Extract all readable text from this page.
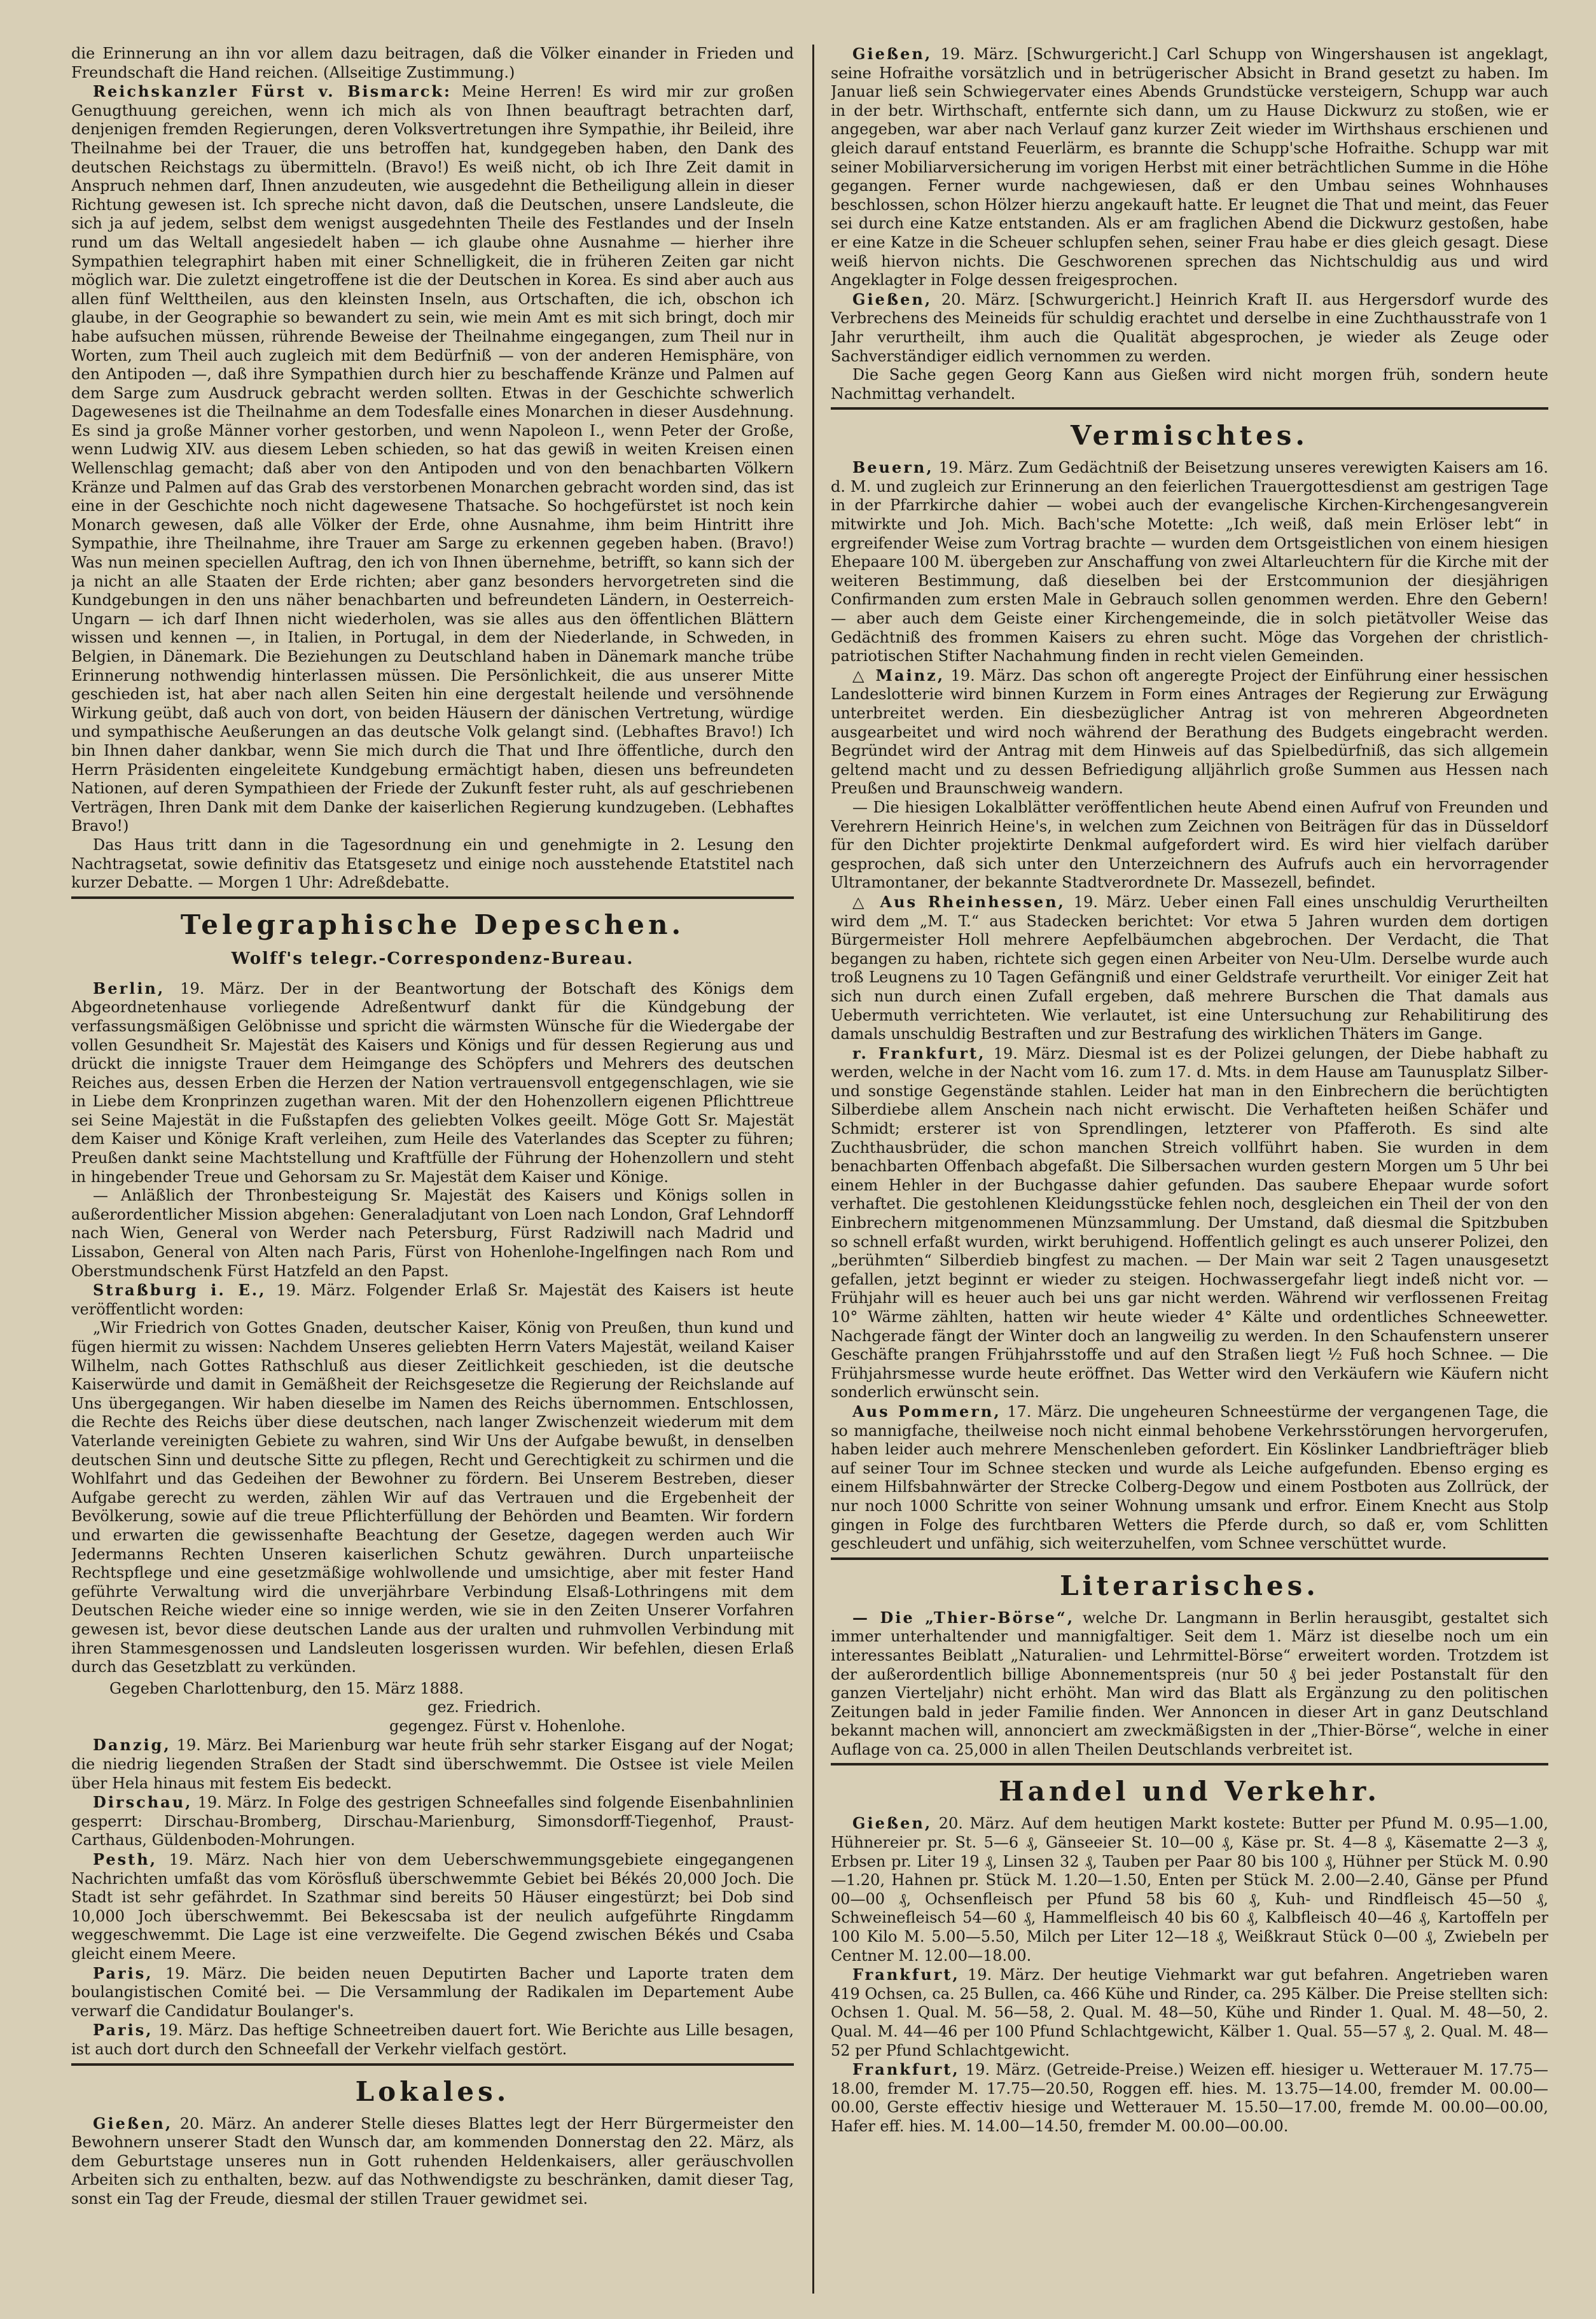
die Erinnerung an ihn vor allem dazu beitragen, daß die Völker einander in Frieden und Freundschaft die Hand reichen. (Allseitige Zustimmung.)

Reichskanzler Fürst v. Bismarck: Meine Herren! Es wird mir zur großen Genugthuung gereichen, wenn ich mich als von Ihnen beauftragt betrachten darf, denjenigen fremden Regierungen, deren Volksvertretungen ihre Sympathie, ihr Beileid, ihre Theilnahme bei der Trauer, die uns betroffen hat, kundgegeben haben, den Dank des deutschen Reichstags zu übermitteln. (Bravo!) Es weiß nicht, ob ich Ihre Zeit damit in Anspruch nehmen darf, Ihnen anzudeuten, wie ausgedehnt die Betheiligung allein in dieser Richtung gewesen ist. Ich spreche nicht davon, daß die Deutschen, unsere Landsleute, die sich ja auf jedem, selbst dem wenigst ausgedehnten Theile des Festlandes und der Inseln rund um das Weltall angesiedelt haben — ich glaube ohne Ausnahme — hierher ihre Sympathien telegraphirt haben mit einer Schnelligkeit, die in früheren Zeiten gar nicht möglich war. Die zuletzt eingetroffene ist die der Deutschen in Korea. Es sind aber auch aus allen fünf Welttheilen, aus den kleinsten Inseln, aus Ortschaften, die ich, obschon ich glaube, in der Geographie so bewandert zu sein, wie mein Amt es mit sich bringt, doch mir habe aufsuchen müssen, rührende Beweise der Theilnahme eingegangen, zum Theil nur in Worten, zum Theil auch zugleich mit dem Bedürfniß — von der anderen Hemisphäre, von den Antipoden —, daß ihre Sympathien durch hier zu beschaffende Kränze und Palmen auf dem Sarge zum Ausdruck gebracht werden sollten. Etwas in der Geschichte schwerlich Dagewesenes ist die Theilnahme an dem Todesfalle eines Monarchen in dieser Ausdehnung. Es sind ja große Männer vorher gestorben, und wenn Napoleon I., wenn Peter der Große, wenn Ludwig XIV. aus diesem Leben schieden, so hat das gewiß in weiten Kreisen einen Wellenschlag gemacht; daß aber von den Antipoden und von den benachbarten Völkern Kränze und Palmen auf das Grab des verstorbenen Monarchen gebracht worden sind, das ist eine in der Geschichte noch nicht dagewesene Thatsache. So hochgefürstet ist noch kein Monarch gewesen, daß alle Völker der Erde, ohne Ausnahme, ihm beim Hintritt ihre Sympathie, ihre Theilnahme, ihre Trauer am Sarge zu erkennen gegeben haben. (Bravo!) Was nun meinen speciellen Auftrag, den ich von Ihnen übernehme, betrifft, so kann sich der ja nicht an alle Staaten der Erde richten; aber ganz besonders hervorgetreten sind die Kundgebungen in den uns näher benachbarten und befreundeten Ländern, in Oesterreich-Ungarn — ich darf Ihnen nicht wiederholen, was sie alles aus den öffentlichen Blättern wissen und kennen —, in Italien, in Portugal, in dem der Niederlande, in Schweden, in Belgien, in Dänemark. Die Beziehungen zu Deutschland haben in Dänemark manche trübe Erinnerung nothwendig hinterlassen müssen. Die Persönlichkeit, die aus unserer Mitte geschieden ist, hat aber nach allen Seiten hin eine dergestalt heilende und versöhnende Wirkung geübt, daß auch von dort, von beiden Häusern der dänischen Vertretung, würdige und sympathische Aeußerungen an das deutsche Volk gelangt sind. (Lebhaftes Bravo!) Ich bin Ihnen daher dankbar, wenn Sie mich durch die That und Ihre öffentliche, durch den Herrn Präsidenten eingeleitete Kundgebung ermächtigt haben, diesen uns befreundeten Nationen, auf deren Sympathieen der Friede der Zukunft fester ruht, als auf geschriebenen Verträgen, Ihren Dank mit dem Danke der kaiserlichen Regierung kundzugeben. (Lebhaftes Bravo!)

Das Haus tritt dann in die Tagesordnung ein und genehmigte in 2. Lesung den Nachtragsetat, sowie definitiv das Etatsgesetz und einige noch ausstehende Etatstitel nach kurzer Debatte. — Morgen 1 Uhr: Adreßdebatte.

Telegraphische Depeschen.
Wolff's telegr.-Correspondenz-Bureau.

Berlin, 19. März. Der in der Beantwortung der Botschaft des Königs dem Abgeordnetenhause vorliegende Adreßentwurf dankt für die Kündgebung der verfassungsmäßigen Gelöbnisse und spricht die wärmsten Wünsche für die Wiedergabe der vollen Gesundheit Sr. Majestät des Kaisers und Königs und für dessen Regierung aus und drückt die innigste Trauer dem Heimgange des Schöpfers und Mehrers des deutschen Reiches aus, dessen Erben die Herzen der Nation vertrauensvoll entgegenschlagen, wie sie in Liebe dem Kronprinzen zugethan waren. Mit der den Hohenzollern eigenen Pflichttreue sei Seine Majestät in die Fußstapfen des geliebten Volkes geeilt. Möge Gott Sr. Majestät dem Kaiser und Könige Kraft verleihen, zum Heile des Vaterlandes das Scepter zu führen; Preußen dankt seine Machtstellung und Kraftfülle der Führung der Hohenzollern und steht in hingebender Treue und Gehorsam zu Sr. Majestät dem Kaiser und Könige.

— Anläßlich der Thronbesteigung Sr. Majestät des Kaisers und Königs sollen in außerordentlicher Mission abgehen: Generaladjutant von Loen nach London, Graf Lehndorff nach Wien, General von Werder nach Petersburg, Fürst Radziwill nach Madrid und Lissabon, General von Alten nach Paris, Fürst von Hohenlohe-Ingelfingen nach Rom und Oberstmundschenk Fürst Hatzfeld an den Papst.

Straßburg i. E., 19. März. Folgender Erlaß Sr. Majestät des Kaisers ist heute veröffentlicht worden:

„Wir Friedrich von Gottes Gnaden, deutscher Kaiser, König von Preußen, thun kund und fügen hiermit zu wissen: Nachdem Unseres geliebten Herrn Vaters Majestät, weiland Kaiser Wilhelm, nach Gottes Rathschluß aus dieser Zeitlichkeit geschieden, ist die deutsche Kaiserwürde und damit in Gemäßheit der Reichsgesetze die Regierung der Reichslande auf Uns übergegangen. Wir haben dieselbe im Namen des Reichs übernommen. Entschlossen, die Rechte des Reichs über diese deutschen, nach langer Zwischenzeit wiederum mit dem Vaterlande vereinigten Gebiete zu wahren, sind Wir Uns der Aufgabe bewußt, in denselben deutschen Sinn und deutsche Sitte zu pflegen, Recht und Gerechtigkeit zu schirmen und die Wohlfahrt und das Gedeihen der Bewohner zu fördern. Bei Unserem Bestreben, dieser Aufgabe gerecht zu werden, zählen Wir auf das Vertrauen und die Ergebenheit der Bevölkerung, sowie auf die treue Pflichterfüllung der Behörden und Beamten. Wir fordern und erwarten die gewissenhafte Beachtung der Gesetze, dagegen werden auch Wir Jedermanns Rechten Unseren kaiserlichen Schutz gewähren. Durch unparteiische Rechtspflege und eine gesetzmäßige wohlwollende und umsichtige, aber mit fester Hand geführte Verwaltung wird die unverjährbare Verbindung Elsaß-Lothringens mit dem Deutschen Reiche wieder eine so innige werden, wie sie in den Zeiten Unserer Vorfahren gewesen ist, bevor diese deutschen Lande aus der uralten und ruhmvollen Verbindung mit ihren Stammesgenossen und Landsleuten losgerissen wurden. Wir befehlen, diesen Erlaß durch das Gesetzblatt zu verkünden.

Gegeben Charlottenburg, den 15. März 1888.

gez. Friedrich.

gegengez. Fürst v. Hohenlohe.

Danzig, 19. März. Bei Marienburg war heute früh sehr starker Eisgang auf der Nogat; die niedrig liegenden Straßen der Stadt sind überschwemmt. Die Ostsee ist viele Meilen über Hela hinaus mit festem Eis bedeckt.

Dirschau, 19. März. In Folge des gestrigen Schneefalles sind folgende Eisenbahnlinien gesperrt: Dirschau-Bromberg, Dirschau-Marienburg, Simonsdorff-Tiegenhof, Praust-Carthaus, Güldenboden-Mohrungen.

Pesth, 19. März. Nach hier von dem Ueberschwemmungsgebiete eingegangenen Nachrichten umfaßt das vom Körösfluß überschwemmte Gebiet bei Békés 20,000 Joch. Die Stadt ist sehr gefährdet. In Szathmar sind bereits 50 Häuser eingestürzt; bei Dob sind 10,000 Joch überschwemmt. Bei Bekescsaba ist der neulich aufgeführte Ringdamm weggeschwemmt. Die Lage ist eine verzweifelte. Die Gegend zwischen Békés und Csaba gleicht einem Meere.

Paris, 19. März. Die beiden neuen Deputirten Bacher und Laporte traten dem boulangistischen Comité bei. — Die Versammlung der Radikalen im Departement Aube verwarf die Candidatur Boulanger's.

Paris, 19. März. Das heftige Schneetreiben dauert fort. Wie Berichte aus Lille besagen, ist auch dort durch den Schneefall der Verkehr vielfach gestört.

Lokales.

Gießen, 20. März. An anderer Stelle dieses Blattes legt der Herr Bürgermeister den Bewohnern unserer Stadt den Wunsch dar, am kommenden Donnerstag den 22. März, als dem Geburtstage unseres nun in Gott ruhenden Heldenkaisers, aller geräuschvollen Arbeiten sich zu enthalten, bezw. auf das Nothwendigste zu beschränken, damit dieser Tag, sonst ein Tag der Freude, diesmal der stillen Trauer gewidmet sei.

Gießen, 19. März. [Schwurgericht.] Carl Schupp von Wingershausen ist angeklagt, seine Hofraithe vorsätzlich und in betrügerischer Absicht in Brand gesetzt zu haben. Im Januar ließ sein Schwiegervater eines Abends Grundstücke versteigern, Schupp war auch in der betr. Wirthschaft, entfernte sich dann, um zu Hause Dickwurz zu stoßen, wie er angegeben, war aber nach Verlauf ganz kurzer Zeit wieder im Wirthshaus erschienen und gleich darauf entstand Feuerlärm, es brannte die Schupp'sche Hofraithe. Schupp war mit seiner Mobiliarversicherung im vorigen Herbst mit einer beträchtlichen Summe in die Höhe gegangen. Ferner wurde nachgewiesen, daß er den Umbau seines Wohnhauses beschlossen, schon Hölzer hierzu angekauft hatte. Er leugnet die That und meint, das Feuer sei durch eine Katze entstanden. Als er am fraglichen Abend die Dickwurz gestoßen, habe er eine Katze in die Scheuer schlupfen sehen, seiner Frau habe er dies gleich gesagt. Diese weiß hiervon nichts. Die Geschworenen sprechen das Nichtschuldig aus und wird Angeklagter in Folge dessen freigesprochen.

Gießen, 20. März. [Schwurgericht.] Heinrich Kraft II. aus Hergersdorf wurde des Verbrechens des Meineids für schuldig erachtet und derselbe in eine Zuchthausstrafe von 1 Jahr verurtheilt, ihm auch die Qualität abgesprochen, je wieder als Zeuge oder Sachverständiger eidlich vernommen zu werden.

Die Sache gegen Georg Kann aus Gießen wird nicht morgen früh, sondern heute Nachmittag verhandelt.

Vermischtes.

Beuern, 19. März. Zum Gedächtniß der Beisetzung unseres verewigten Kaisers am 16. d. M. und zugleich zur Erinnerung an den feierlichen Trauergottesdienst am gestrigen Tage in der Pfarrkirche dahier — wobei auch der evangelische Kirchen-Kirchengesangverein mitwirkte und Joh. Mich. Bach'sche Motette: „Ich weiß, daß mein Erlöser lebt“ in ergreifender Weise zum Vortrag brachte — wurden dem Ortsgeistlichen von einem hiesigen Ehepaare 100 M. übergeben zur Anschaffung von zwei Altarleuchtern für die Kirche mit der weiteren Bestimmung, daß dieselben bei der Erstcommunion der diesjährigen Confirmanden zum ersten Male in Gebrauch sollen genommen werden. Ehre den Gebern! — aber auch dem Geiste einer Kirchengemeinde, die in solch pietätvoller Weise das Gedächtniß des frommen Kaisers zu ehren sucht. Möge das Vorgehen der christlich-patriotischen Stifter Nachahmung finden in recht vielen Gemeinden.

△ Mainz, 19. März. Das schon oft angeregte Project der Einführung einer hessischen Landeslotterie wird binnen Kurzem in Form eines Antrages der Regierung zur Erwägung unterbreitet werden. Ein diesbezüglicher Antrag ist von mehreren Abgeordneten ausgearbeitet und wird noch während der Berathung des Budgets eingebracht werden. Begründet wird der Antrag mit dem Hinweis auf das Spielbedürfniß, das sich allgemein geltend macht und zu dessen Befriedigung alljährlich große Summen aus Hessen nach Preußen und Braunschweig wandern.

— Die hiesigen Lokalblätter veröffentlichen heute Abend einen Aufruf von Freunden und Verehrern Heinrich Heine's, in welchen zum Zeichnen von Beiträgen für das in Düsseldorf für den Dichter projektirte Denkmal aufgefordert wird. Es wird hier vielfach darüber gesprochen, daß sich unter den Unterzeichnern des Aufrufs auch ein hervorragender Ultramontaner, der bekannte Stadtverordnete Dr. Massezell, befindet.

△ Aus Rheinhessen, 19. März. Ueber einen Fall eines unschuldig Verurtheilten wird dem „M. T.“ aus Stadecken berichtet: Vor etwa 5 Jahren wurden dem dortigen Bürgermeister Holl mehrere Aepfelbäumchen abgebrochen. Der Verdacht, die That begangen zu haben, richtete sich gegen einen Arbeiter von Neu-Ulm. Derselbe wurde auch troß Leugnens zu 10 Tagen Gefängniß und einer Geldstrafe verurtheilt. Vor einiger Zeit hat sich nun durch einen Zufall ergeben, daß mehrere Burschen die That damals aus Uebermuth verrichteten. Wie verlautet, ist eine Untersuchung zur Rehabilitirung des damals unschuldig Bestraften und zur Bestrafung des wirklichen Thäters im Gange.

r. Frankfurt, 19. März. Diesmal ist es der Polizei gelungen, der Diebe habhaft zu werden, welche in der Nacht vom 16. zum 17. d. Mts. in dem Hause am Taunusplatz Silber- und sonstige Gegenstände stahlen. Leider hat man in den Einbrechern die berüchtigten Silberdiebe allem Anschein nach nicht erwischt. Die Verhafteten heißen Schäfer und Schmidt; ersterer ist von Sprendlingen, letzterer von Pfafferoth. Es sind alte Zuchthausbrüder, die schon manchen Streich vollführt haben. Sie wurden in dem benachbarten Offenbach abgefaßt. Die Silbersachen wurden gestern Morgen um 5 Uhr bei einem Hehler in der Buchgasse dahier gefunden. Das saubere Ehepaar wurde sofort verhaftet. Die gestohlenen Kleidungsstücke fehlen noch, desgleichen ein Theil der von den Einbrechern mitgenommenen Münzsammlung. Der Umstand, daß diesmal die Spitzbuben so schnell erfaßt wurden, wirkt beruhigend. Hoffentlich gelingt es auch unserer Polizei, den „berühmten“ Silberdieb bingfest zu machen. — Der Main war seit 2 Tagen unausgesetzt gefallen, jetzt beginnt er wieder zu steigen. Hochwassergefahr liegt indeß nicht vor. — Frühjahr will es heuer auch bei uns gar nicht werden. Während wir verflossenen Freitag 10° Wärme zählten, hatten wir heute wieder 4° Kälte und ordentliches Schneewetter. Nachgerade fängt der Winter doch an langweilig zu werden. In den Schaufenstern unserer Geschäfte prangen Frühjahrsstoffe und auf den Straßen liegt ½ Fuß hoch Schnee. — Die Frühjahrsmesse wurde heute eröffnet. Das Wetter wird den Verkäufern wie Käufern nicht sonderlich erwünscht sein.

Aus Pommern, 17. März. Die ungeheuren Schneestürme der vergangenen Tage, die so mannigfache, theilweise noch nicht einmal behobene Verkehrsstörungen hervorgerufen, haben leider auch mehrere Menschenleben gefordert. Ein Köslinker Landbriefträger blieb auf seiner Tour im Schnee stecken und wurde als Leiche aufgefunden. Ebenso erging es einem Hilfsbahnwärter der Strecke Colberg-Degow und einem Postboten aus Zollrück, der nur noch 1000 Schritte von seiner Wohnung umsank und erfror. Einem Knecht aus Stolp gingen in Folge des furchtbaren Wetters die Pferde durch, so daß er, vom Schlitten geschleudert und unfähig, sich weiterzuhelfen, vom Schnee verschüttet wurde.

Literarisches.

— Die „Thier-Börse“, welche Dr. Langmann in Berlin herausgibt, gestaltet sich immer unterhaltender und mannigfaltiger. Seit dem 1. März ist dieselbe noch um ein interessantes Beiblatt „Naturalien- und Lehrmittel-Börse“ erweitert worden. Trotzdem ist der außerordentlich billige Abonnementspreis (nur 50 ₰ bei jeder Postanstalt für den ganzen Vierteljahr) nicht erhöht. Man wird das Blatt als Ergänzung zu den politischen Zeitungen bald in jeder Familie finden. Wer Annoncen in dieser Art in ganz Deutschland bekannt machen will, annonciert am zweckmäßigsten in der „Thier-Börse“, welche in einer Auflage von ca. 25,000 in allen Theilen Deutschlands verbreitet ist.

Handel und Verkehr.

Gießen, 20. März. Auf dem heutigen Markt kostete: Butter per Pfund M. 0.95—1.00, Hühnereier pr. St. 5—6 ₰, Gänseeier St. 10—00 ₰, Käse pr. St. 4—8 ₰, Käsematte 2—3 ₰, Erbsen pr. Liter 19 ₰, Linsen 32 ₰, Tauben per Paar 80 bis 100 ₰, Hühner per Stück M. 0.90—1.20, Hahnen pr. Stück M. 1.20—1.50, Enten per Stück M. 2.00—2.40, Gänse per Pfund 00—00 ₰, Ochsenfleisch per Pfund 58 bis 60 ₰, Kuh- und Rindfleisch 45—50 ₰, Schweinefleisch 54—60 ₰, Hammelfleisch 40 bis 60 ₰, Kalbfleisch 40—46 ₰, Kartoffeln per 100 Kilo M. 5.00—5.50, Milch per Liter 12—18 ₰, Weißkraut Stück 0—00 ₰, Zwiebeln per Centner M. 12.00—18.00.

Frankfurt, 19. März. Der heutige Viehmarkt war gut befahren. Angetrieben waren 419 Ochsen, ca. 25 Bullen, ca. 466 Kühe und Rinder, ca. 295 Kälber. Die Preise stellten sich: Ochsen 1. Qual. M. 56—58, 2. Qual. M. 48—50, Kühe und Rinder 1. Qual. M. 48—50, 2. Qual. M. 44—46 per 100 Pfund Schlachtgewicht, Kälber 1. Qual. 55—57 ₰, 2. Qual. M. 48—52 per Pfund Schlachtgewicht.

Frankfurt, 19. März. (Getreide-Preise.) Weizen eff. hiesiger u. Wetterauer M. 17.75—18.00, fremder M. 17.75—20.50, Roggen eff. hies. M. 13.75—14.00, fremder M. 00.00—00.00, Gerste effectiv hiesige und Wetterauer M. 15.50—17.00, fremde M. 00.00—00.00, Hafer eff. hies. M. 14.00—14.50, fremder M. 00.00—00.00.
